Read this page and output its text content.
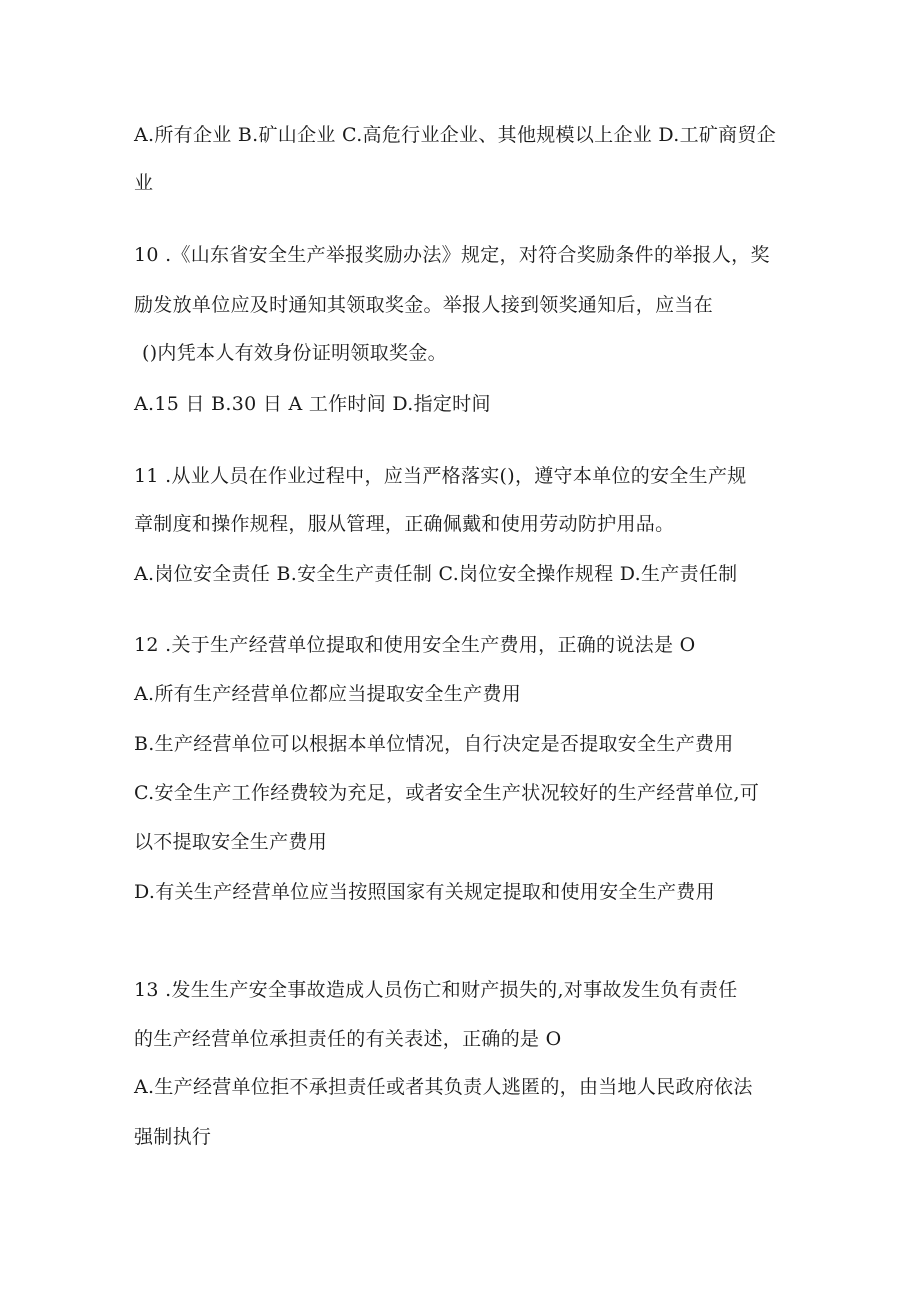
A.所有企业 B.矿山企业 C.高危行业企业、其他规模以上企业 D.工矿商贸企
业
10 .《山东省安全生产举报奖励办法》规定，对符合奖励条件的举报人，奖
励发放单位应及时通知其领取奖金。举报人接到领奖通知后，应当在
()内凭本人有效身份证明领取奖金。
A.15 日 B.30 日 A 工作时间 D.指定时间
11 .从业人员在作业过程中，应当严格落实()，遵守本单位的安全生产规
章制度和操作规程，服从管理，正确佩戴和使用劳动防护用品。
A.岗位安全责任 B.安全生产责任制 C.岗位安全操作规程 D.生产责任制
12 .关于生产经营单位提取和使用安全生产费用，正确的说法是 O
A.所有生产经营单位都应当提取安全生产费用
B.生产经营单位可以根据本单位情况，自行决定是否提取安全生产费用
C.安全生产工作经费较为充足，或者安全生产状况较好的生产经营单位,可
以不提取安全生产费用
D.有关生产经营单位应当按照国家有关规定提取和使用安全生产费用
13 .发生生产安全事故造成人员伤亡和财产损失的,对事故发生负有责任
的生产经营单位承担责任的有关表述，正确的是 O
A.生产经营单位拒不承担责任或者其负责人逃匿的，由当地人民政府依法
强制执行
